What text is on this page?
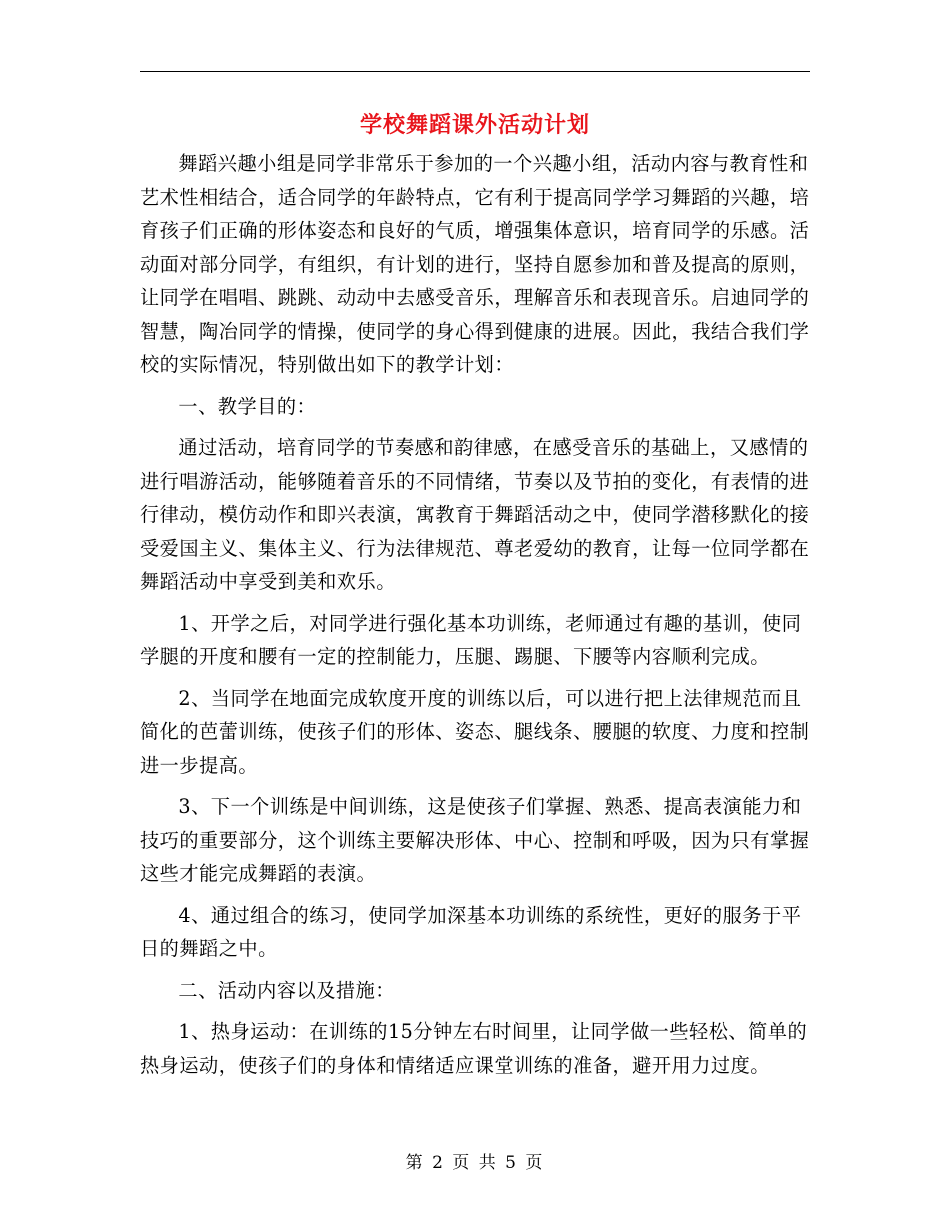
学校舞蹈课外活动计划

舞蹈兴趣小组是同学非常乐于参加的一个兴趣小组，活动内容与教育性和艺术性相结合，适合同学的年龄特点，它有利于提高同学学习舞蹈的兴趣，培育孩子们正确的形体姿态和良好的气质，增强集体意识，培育同学的乐感。活动面对部分同学，有组织，有计划的进行，坚持自愿参加和普及提高的原则，让同学在唱唱、跳跳、动动中去感受音乐，理解音乐和表现音乐。启迪同学的智慧，陶冶同学的情操，使同学的身心得到健康的进展。因此，我结合我们学校的实际情况，特别做出如下的教学计划：

一、教学目的：

通过活动，培育同学的节奏感和韵律感，在感受音乐的基础上，又感情的进行唱游活动，能够随着音乐的不同情绪，节奏以及节拍的变化，有表情的进行律动，模仿动作和即兴表演，寓教育于舞蹈活动之中，使同学潜移默化的接受爱国主义、集体主义、行为法律规范、尊老爱幼的教育，让每一位同学都在舞蹈活动中享受到美和欢乐。

1、开学之后，对同学进行强化基本功训练，老师通过有趣的基训，使同学腿的开度和腰有一定的控制能力，压腿、踢腿、下腰等内容顺利完成。

2、当同学在地面完成软度开度的训练以后，可以进行把上法律规范而且简化的芭蕾训练，使孩子们的形体、姿态、腿线条、腰腿的软度、力度和控制进一步提高。

3、下一个训练是中间训练，这是使孩子们掌握、熟悉、提高表演能力和技巧的重要部分，这个训练主要解决形体、中心、控制和呼吸，因为只有掌握这些才能完成舞蹈的表演。

4、通过组合的练习，使同学加深基本功训练的系统性，更好的服务于平日的舞蹈之中。

二、活动内容以及措施：

1、热身运动：在训练的15分钟左右时间里，让同学做一些轻松、简单的热身运动，使孩子们的身体和情绪适应课堂训练的准备，避开用力过度。

第 2 页 共 5 页
